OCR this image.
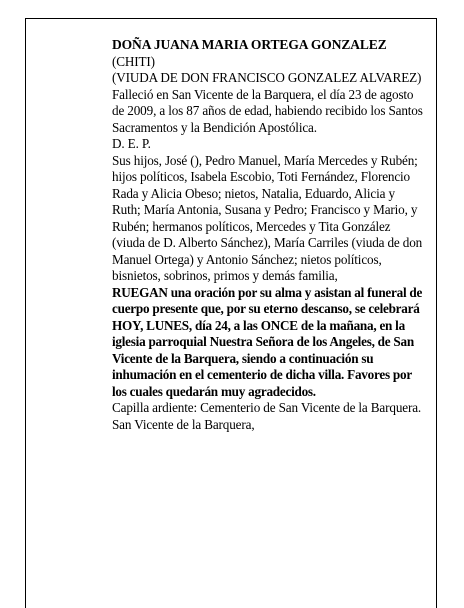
DOÑA JUANA MARIA ORTEGA GONZALEZ

(CHITI)

(VIUDA DE DON FRANCISCO GONZALEZ ALVAREZ)

Falleció en San Vicente de la Barquera, el día 23 de agosto de 2009, a los 87 años de edad, habiendo recibido los Santos Sacramentos y la Bendición Apostólica.

D. E. P.

Sus hijos, José (), Pedro Manuel, María Mercedes y Rubén; hijos políticos, Isabela Escobio, Toti Fernández, Florencio Rada y Alicia Obeso; nietos, Natalia, Eduardo, Alicia y Ruth; María Antonia, Susana y Pedro; Francisco y Mario, y Rubén; hermanos políticos, Mercedes y Tita González (viuda de D. Alberto Sánchez), María Carriles (viuda de don Manuel Ortega) y Antonio Sánchez; nietos políticos, bisnietos, sobrinos, primos y demás familia,

RUEGAN una oración por su alma y asistan al funeral de cuerpo presente que, por su eterno descanso, se celebrará HOY, LUNES, día 24, a las ONCE de la mañana, en la iglesia parroquial Nuestra Señora de los Angeles, de San Vicente de la Barquera, siendo a continuación su inhumación en el cementerio de dicha villa. Favores por los cuales quedarán muy agradecidos.

Capilla ardiente: Cementerio de San Vicente de la Barquera.

San Vicente de la Barquera,
